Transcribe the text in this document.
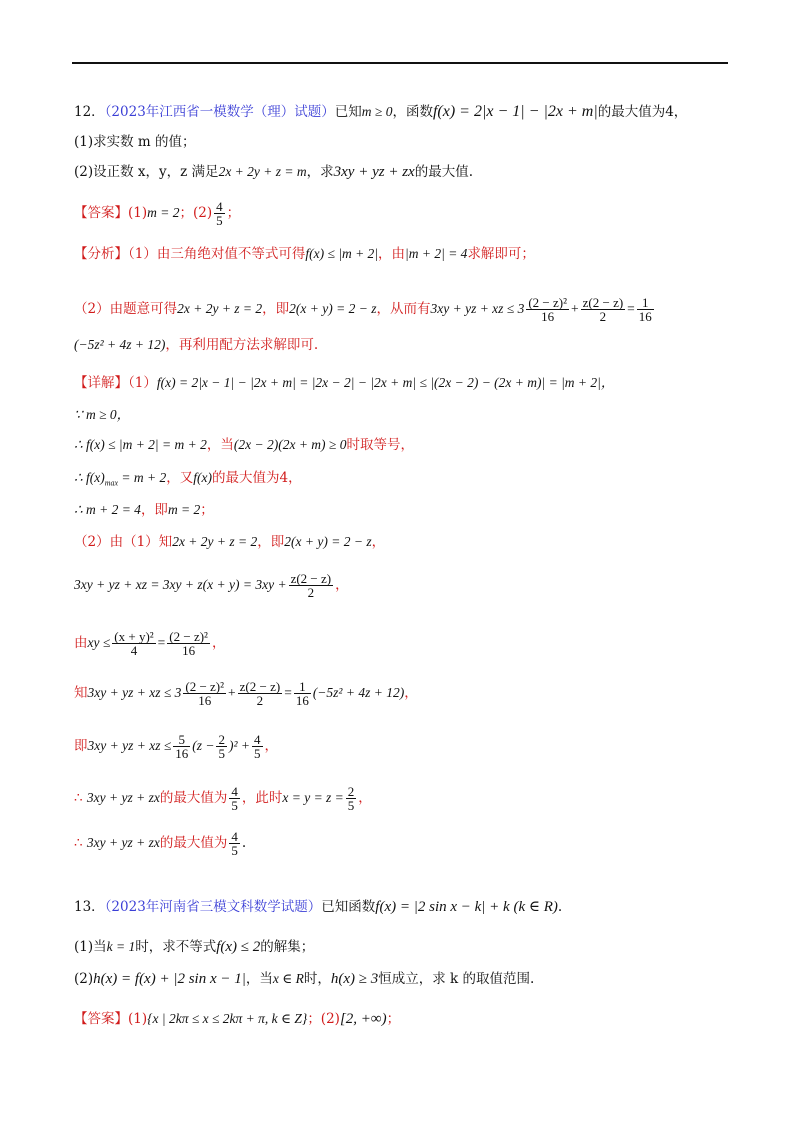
12．（2023年江西省一模数学（理）试题）已知m ≥ 0，函数f(x) = 2|x − 1| − |2x + m|的最大值为4，
(1)求实数 m 的值；
(2)设正数 x，y，z 满足2x + 2y + z = m，求3xy + yz + zx的最大值.
【答案】(1)m = 2；$(2) \frac{4}{5}$ ；
【分析】（1）由三角绝对值不等式可得f(x) ≤ |m + 2|，由|m + 2| = 4求解即可；
（2）由题意可得2x + 2y + z = 2，即2(x + y) = 2 − z，从而有3xy + yz + xz ≤ $3 \frac{\text{(2 − z)²}}{16} + \frac{z(2 - z)}{2} = \frac{1}{16}$
(−5z² + 4z + 12)，再利用配方法求解即可.
【详解】（1）f(x) = 2|x − 1| − |2x + m| = |2x − 2| − |2x + m| ≤ |(2x − 2) − (2x + m)| = |m + 2|，
∵ m ≥ 0，
∴ f(x) ≤ |m + 2| = m + 2，当(2x − 2)(2x + m) ≥ 0时取等号，
∴ $f(x)_{max} = m + 2$，又f(x)的最大值为4，
∴ m + 2 = 4，即m = 2；
（2）由（1）知2x + 2y + z = 2，即2(x + y) = 2 − z，
3xy + yz + xz = $3xy + z(x + y) = 3xy + \frac{z(2 - z)}{2}$ ，
由xy ≤ $\frac{\text{(x + y)²}}{4} = \frac{\text{(2 − z)²}}{16}$ ，
知3xy + yz + xz ≤ $3 \frac{\text{(2 − z)²}}{16} + \frac{z(2 - z)}{2} = \frac{1}{16} (-5z^2 + 4z + 12)$，
即3xy + yz + xz ≤ $\frac{5}{16} (z - \frac{2}{5} )^2 + \frac{4}{5}$ ，
∴ 3xy + yz + zx的最大值为 $\frac{4}{5}$ ，此时$x = y = z = \frac{2}{5}$ ，
∴ 3xy + yz + zx的最大值为 $\frac{4}{5}$ .
13．（2023年河南省三模文科数学试题）已知函数f(x) = |2 sin x − k| + k (k ∈ R).
(1)当k = 1时，求不等式f(x) ≤ 2的解集；
(2)h(x) = f(x) + |2 sin x − 1|，当x ∈ R时，h(x) ≥ 3恒成立，求 k 的取值范围.
【答案】(1){x | 2kπ ≤ x ≤ 2kπ + π, k ∈ Z}；(2)[2, +∞)；
